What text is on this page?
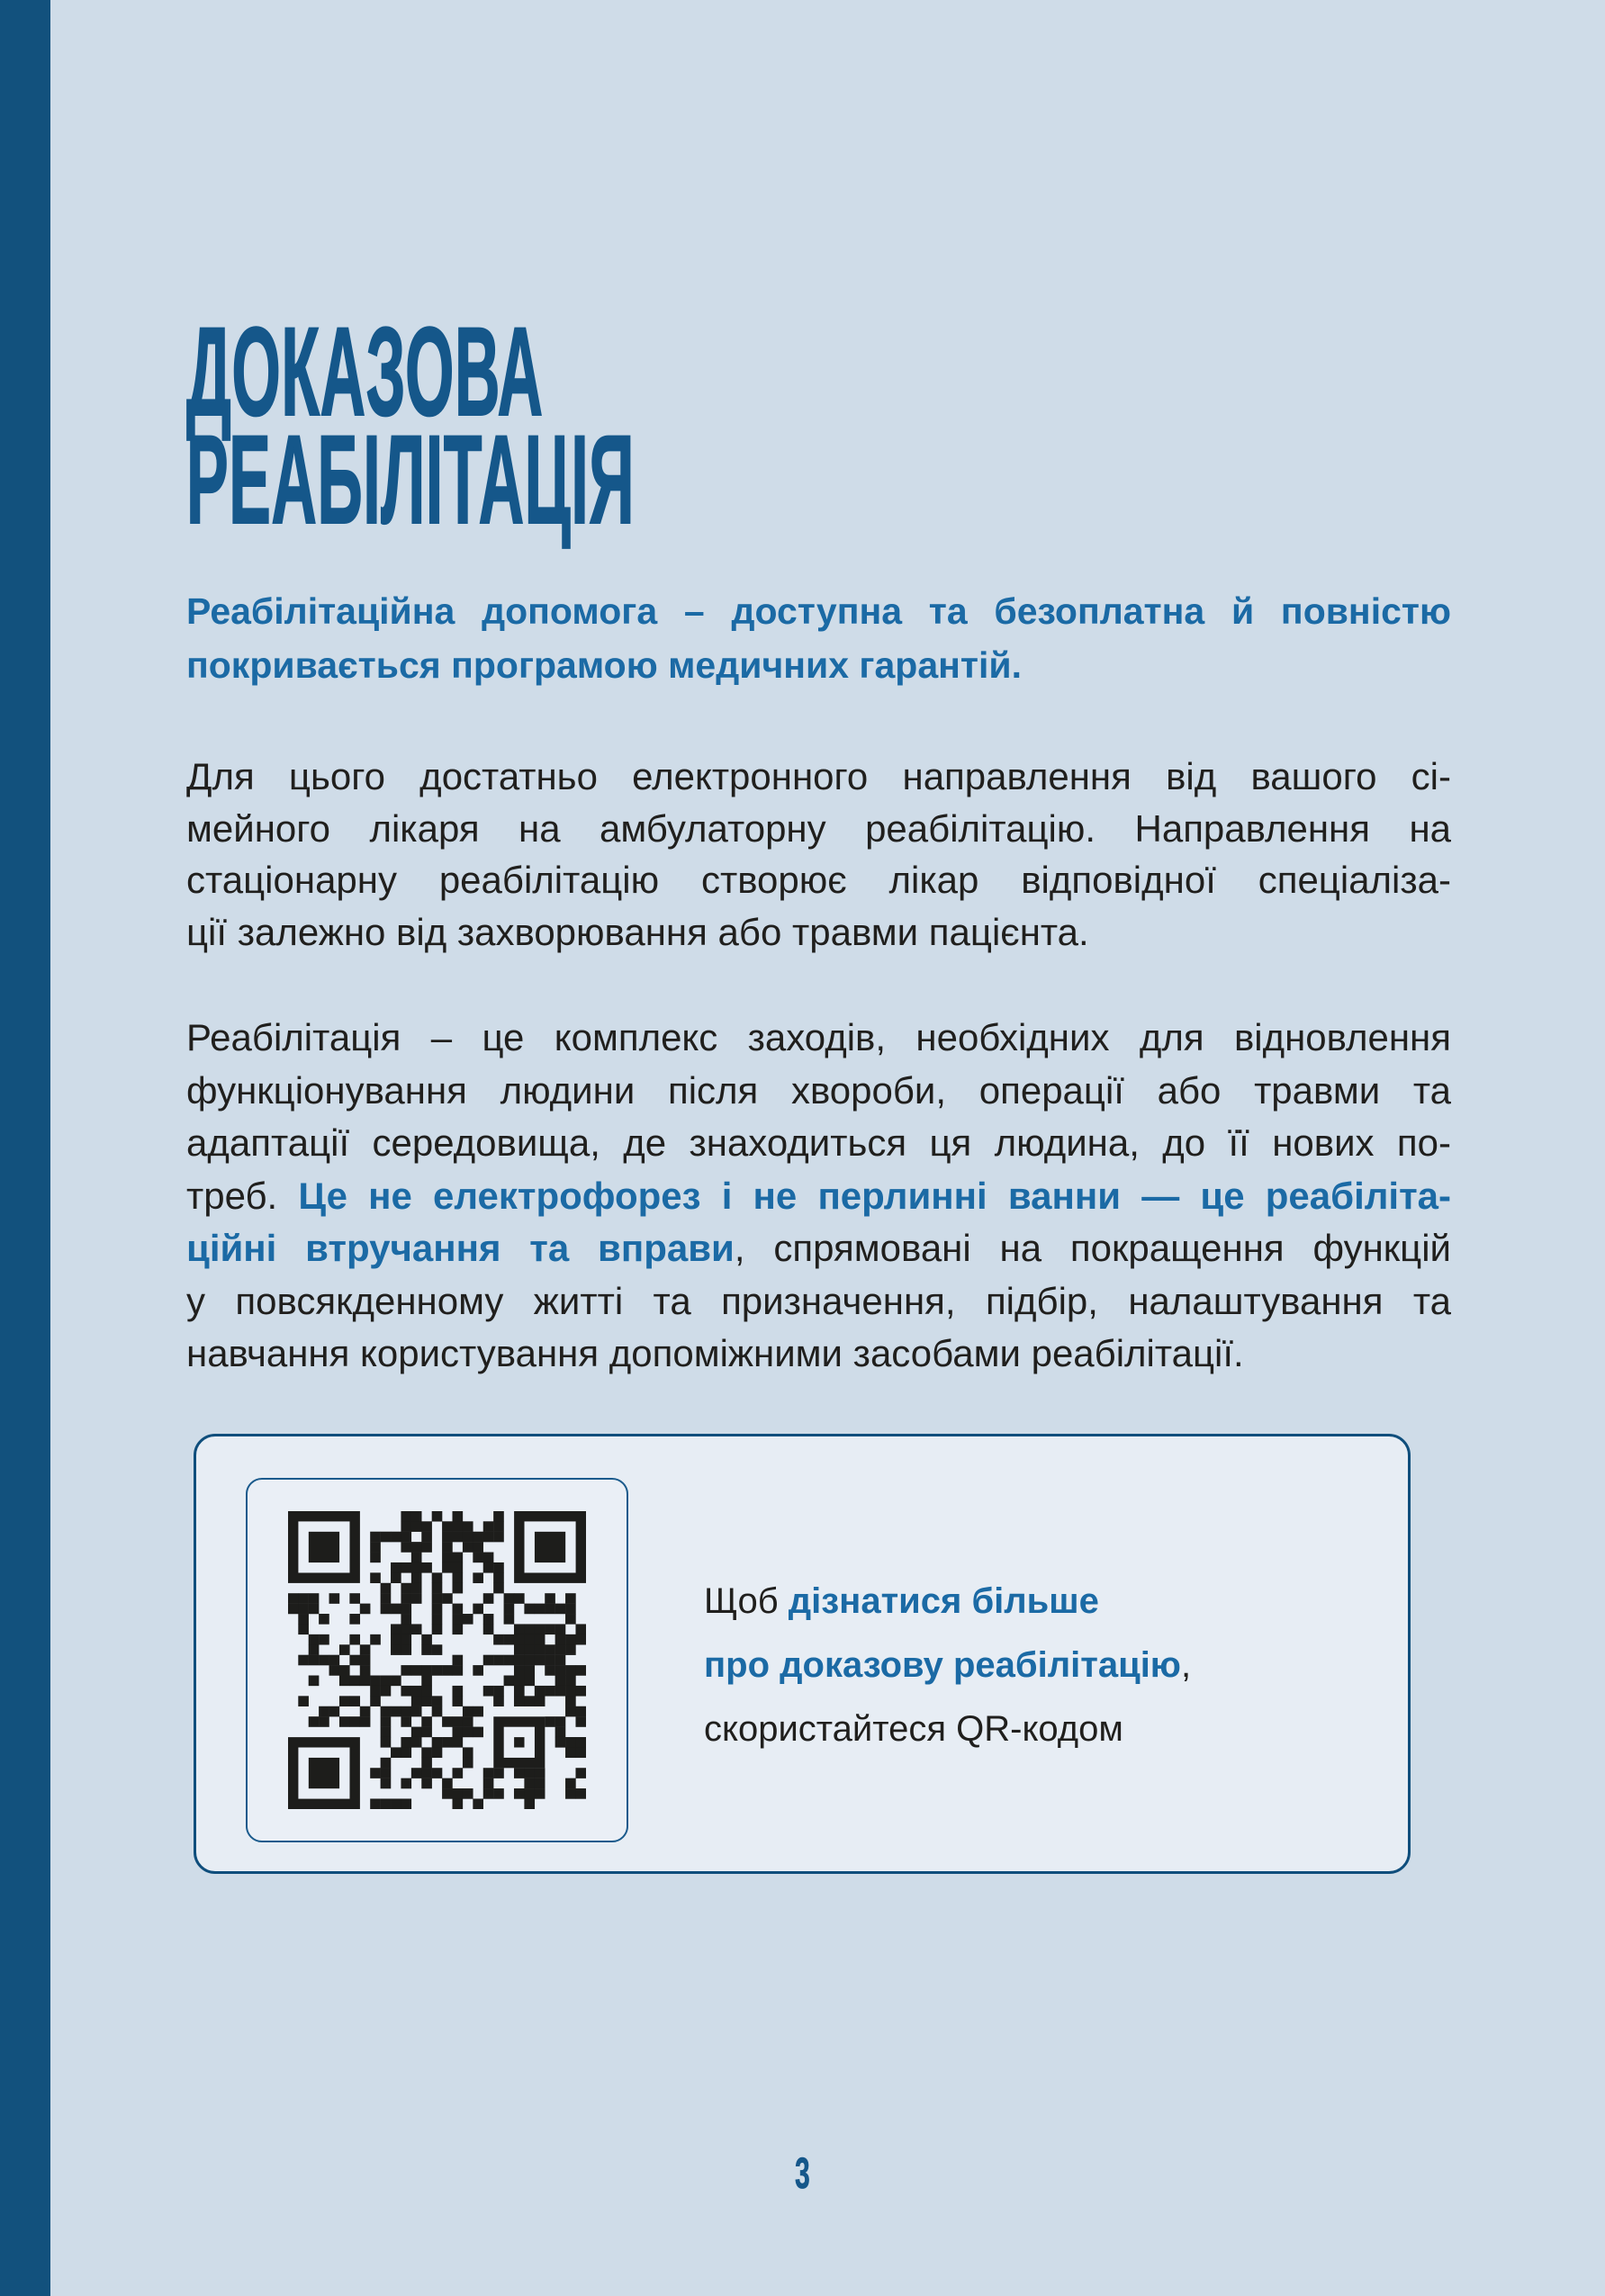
ДОКАЗОВА
РЕАБІЛІТАЦІЯ
Реабілітаційна допомога – доступна та безоплатна й повністю
покривається програмою медичних гарантій.
Для цього достатньо електронного направлення від вашого сі-
мейного лікаря на амбулаторну реабілітацію. Направлення на
стаціонарну реабілітацію створює лікар відповідної спеціаліза-
ції залежно від захворювання або травми пацієнта.
Реабілітація – це комплекс заходів, необхідних для відновлення
функціонування людини після хвороби, операції або травми та
адаптації середовища, де знаходиться ця людина, до її нових по-
треб. Це не електрофорез і не перлинні ванни — це реабіліта-
ційні втручання та вправи, спрямовані на покращення функцій
у повсякденному житті та призначення, підбір, налаштування та
навчання користування допоміжними засобами реабілітації.
Щоб дізнатися більше
про доказову реабілітацію,
скористайтеся QR-кодом
3
